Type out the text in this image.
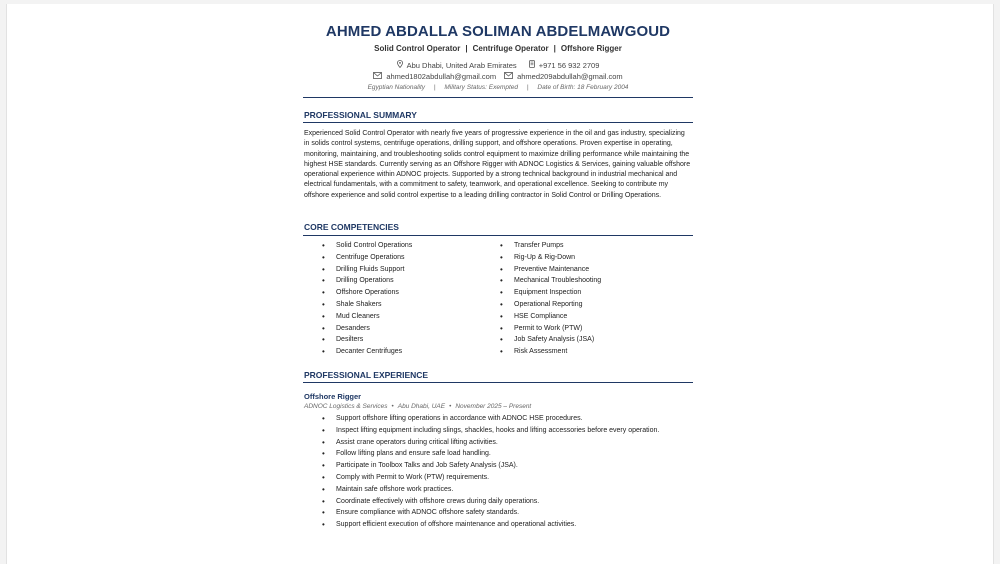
AHMED ABDALLA SOLIMAN ABDELMAWGOUD
Solid Control Operator | Centrifuge Operator | Offshore Rigger
Abu Dhabi, United Arab Emirates	+971 56 932 2709
ahmed1802abdullah@gmail.com	ahmed209abdullah@gmail.com
Egyptian Nationality | Military Status: Exempted | Date of Birth: 18 February 2004
PROFESSIONAL SUMMARY
Experienced Solid Control Operator with nearly five years of progressive experience in the oil and gas industry, specializing in solids control systems, centrifuge operations, drilling support, and offshore operations. Proven expertise in operating, monitoring, maintaining, and troubleshooting solids control equipment to maximize drilling performance while maintaining the highest HSE standards. Currently serving as an Offshore Rigger with ADNOC Logistics & Services, gaining valuable offshore operational experience within ADNOC projects. Supported by a strong technical background in industrial mechanical and electrical fundamentals, with a commitment to safety, teamwork, and operational excellence. Seeking to contribute my offshore experience and solid control expertise to a leading drilling contractor in Solid Control or Drilling Operations.
CORE COMPETENCIES
• Solid Control Operations
• Centrifuge Operations
• Drilling Fluids Support
• Drilling Operations
• Offshore Operations
• Shale Shakers
• Mud Cleaners
• Desanders
• Desilters
• Decanter Centrifuges
• Transfer Pumps
• Rig-Up & Rig-Down
• Preventive Maintenance
• Mechanical Troubleshooting
• Equipment Inspection
• Operational Reporting
• HSE Compliance
• Permit to Work (PTW)
• Job Safety Analysis (JSA)
• Risk Assessment
PROFESSIONAL EXPERIENCE
Offshore Rigger
ADNOC Logistics & Services • Abu Dhabi, UAE • November 2025 – Present
• Support offshore lifting operations in accordance with ADNOC HSE procedures.
• Inspect lifting equipment including slings, shackles, hooks and lifting accessories before every operation.
• Assist crane operators during critical lifting activities.
• Follow lifting plans and ensure safe load handling.
• Participate in Toolbox Talks and Job Safety Analysis (JSA).
• Comply with Permit to Work (PTW) requirements.
• Maintain safe offshore work practices.
• Coordinate effectively with offshore crews during daily operations.
• Ensure compliance with ADNOC offshore safety standards.
• Support efficient execution of offshore maintenance and operational activities.
